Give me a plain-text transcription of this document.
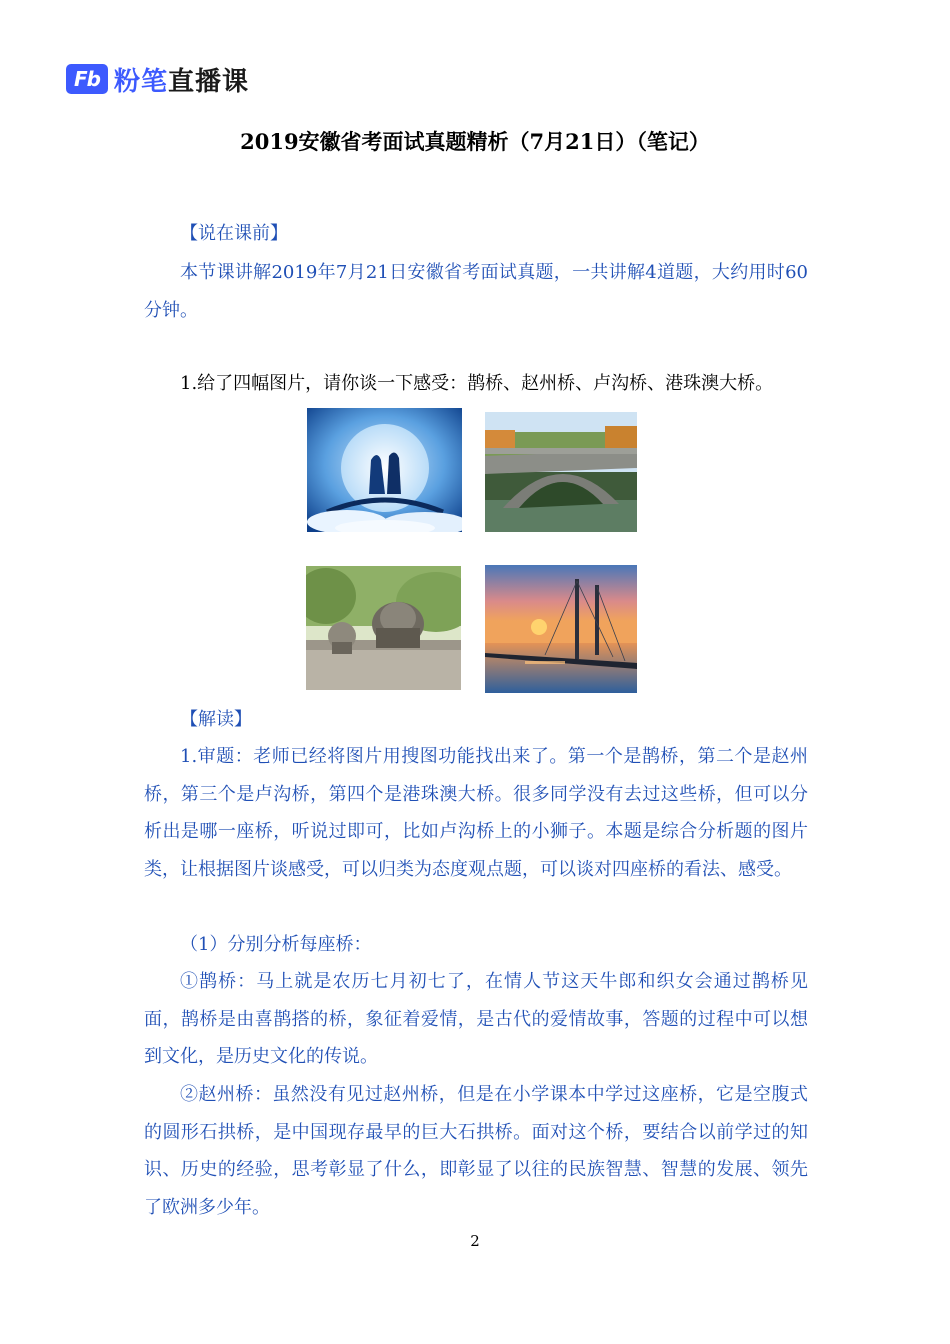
Fb 粉笔直播课
2019安徽省考面试真题精析（7月21日）（笔记）
【说在课前】
本节课讲解2019年7月21日安徽省考面试真题，一共讲解4道题，大约用时60分钟。
1.给了四幅图片，请你谈一下感受：鹊桥、赵州桥、卢沟桥、港珠澳大桥。
【解读】
1.审题：老师已经将图片用搜图功能找出来了。第一个是鹊桥，第二个是赵州桥，第三个是卢沟桥，第四个是港珠澳大桥。很多同学没有去过这些桥，但可以分析出是哪一座桥，听说过即可，比如卢沟桥上的小狮子。本题是综合分析题的图片类，让根据图片谈感受，可以归类为态度观点题，可以谈对四座桥的看法、感受。
（1）分别分析每座桥：
①鹊桥：马上就是农历七月初七了，在情人节这天牛郎和织女会通过鹊桥见面，鹊桥是由喜鹊搭的桥，象征着爱情，是古代的爱情故事，答题的过程中可以想到文化，是历史文化的传说。
②赵州桥：虽然没有见过赵州桥，但是在小学课本中学过这座桥，它是空腹式的圆形石拱桥，是中国现存最早的巨大石拱桥。面对这个桥，要结合以前学过的知识、历史的经验，思考彰显了什么，即彰显了以往的民族智慧、智慧的发展、领先了欧洲多少年。
2
